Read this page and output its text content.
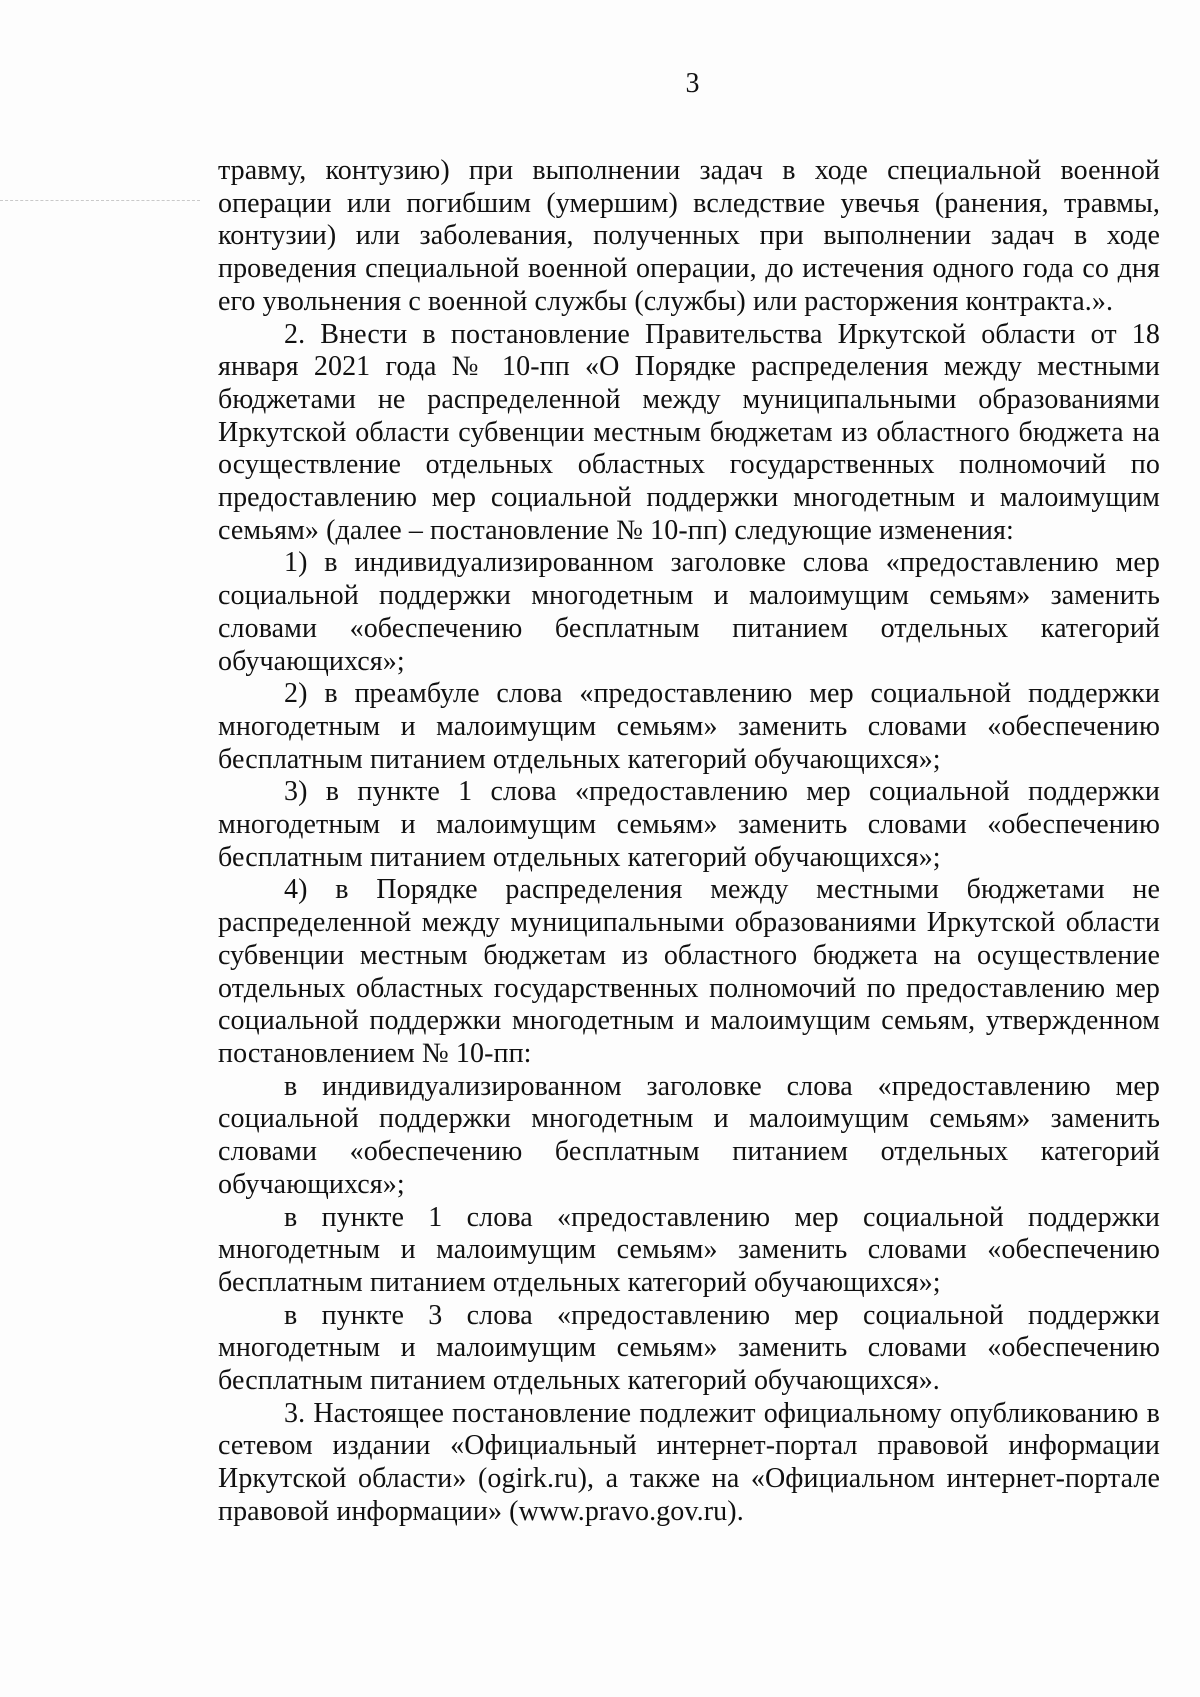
3

травму, контузию) при выполнении задач в ходе специальной военной операции или погибшим (умершим) вследствие увечья (ранения, травмы, контузии) или заболевания, полученных при выполнении задач в ходе проведения специальной военной операции, до истечения одного года со дня его увольнения с военной службы (службы) или расторжения контракта.».

2. Внести в постановление Правительства Иркутской области от 18 января 2021 года № 10-пп «О Порядке распределения между местными бюджетами не распределенной между муниципальными образованиями Иркутской области субвенции местным бюджетам из областного бюджета на осуществление отдельных областных государственных полномочий по предоставлению мер социальной поддержки многодетным и малоимущим семьям» (далее – постановление № 10-пп) следующие изменения:

1) в индивидуализированном заголовке слова «предоставлению мер социальной поддержки многодетным и малоимущим семьям» заменить словами «обеспечению бесплатным питанием отдельных категорий обучающихся»;

2) в преамбуле слова «предоставлению мер социальной поддержки многодетным и малоимущим семьям» заменить словами «обеспечению бесплатным питанием отдельных категорий обучающихся»;

3) в пункте 1 слова «предоставлению мер социальной поддержки многодетным и малоимущим семьям» заменить словами «обеспечению бесплатным питанием отдельных категорий обучающихся»;

4) в Порядке распределения между местными бюджетами не распределенной между муниципальными образованиями Иркутской области субвенции местным бюджетам из областного бюджета на осуществление отдельных областных государственных полномочий по предоставлению мер социальной поддержки многодетным и малоимущим семьям, утвержденном постановлением № 10-пп:

в индивидуализированном заголовке слова «предоставлению мер социальной поддержки многодетным и малоимущим семьям» заменить словами «обеспечению бесплатным питанием отдельных категорий обучающихся»;

в пункте 1 слова «предоставлению мер социальной поддержки многодетным и малоимущим семьям» заменить словами «обеспечению бесплатным питанием отдельных категорий обучающихся»;

в пункте 3 слова «предоставлению мер социальной поддержки многодетным и малоимущим семьям» заменить словами «обеспечению бесплатным питанием отдельных категорий обучающихся».

3. Настоящее постановление подлежит официальному опубликованию в сетевом издании «Официальный интернет-портал правовой информации Иркутской области» (ogirk.ru), а также на «Официальном интернет-портале правовой информации» (www.pravo.gov.ru).
